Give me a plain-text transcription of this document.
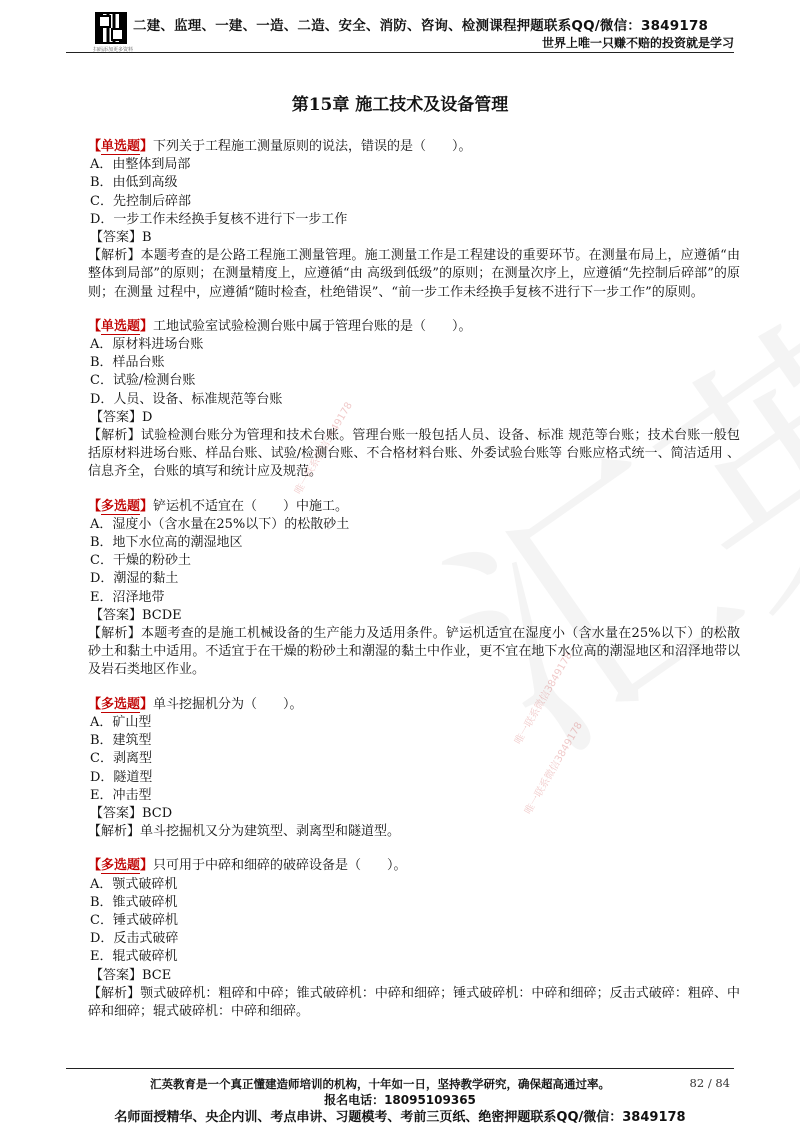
唯一联系微信3849178
唯一联系微信3849178
唯一联系微信3849178
扫码添加更多资料
二建、监理、一建、一造、二造、安全、消防、咨询、检测课程押题联系QQ/微信：3849178
世界上唯一只赚不赔的投资就是学习
第15章 施工技术及设备管理
【单选题】下列关于工程施工测量原则的说法，错误的是（　　）。
A．由整体到局部
B．由低到高级
C．先控制后碎部
D．一步工作未经换手复核不进行下一步工作
【答案】B
【解析】本题考查的是公路工程施工测量管理。施工测量工作是工程建设的重要环节。在测量布局上，应遵循“由整体到局部”的原则；在测量精度上，应遵循“由 高级到低级”的原则；在测量次序上，应遵循“先控制后碎部”的原则；在测量 过程中，应遵循“随时检查，杜绝错误”、“前一步工作未经换手复核不进行下一步工作”的原则。
【单选题】工地试验室试验检测台账中属于管理台账的是（　　）。
A．原材料进场台账
B．样品台账
C．试验/检测台账
D．人员、设备、标准规范等台账
【答案】D
【解析】试验检测台账分为管理和技术台账。管理台账一般包括人员、设备、标准 规范等台账；技术台账一般包括原材料进场台账、样品台账、试验/检测台账、不合格材料台账、外委试验台账等 台账应格式统一、简洁适用 、信息齐全，台账的填写和统计应及规范。
【多选题】铲运机不适宜在（　　）中施工。
A．湿度小（含水量在25%以下）的松散砂土
B．地下水位高的潮湿地区
C．干燥的粉砂土
D．潮湿的黏土
E．沼泽地带
【答案】BCDE
【解析】本题考查的是施工机械设备的生产能力及适用条件。铲运机适宜在湿度小（含水量在25%以下）的松散砂土和黏土中适用。不适宜于在干燥的粉砂土和潮湿的黏土中作业，更不宜在地下水位高的潮湿地区和沼泽地带以及岩石类地区作业。
【多选题】单斗挖掘机分为（　　）。
A．矿山型
B．建筑型
C．剥离型
D．隧道型
E．冲击型
【答案】BCD
【解析】单斗挖掘机又分为建筑型、剥离型和隧道型。
【多选题】只可用于中碎和细碎的破碎设备是（　　）。
A．颚式破碎机
B．锥式破碎机
C．锤式破碎机
D．反击式破碎
E．辊式破碎机
【答案】BCE
【解析】颚式破碎机：粗碎和中碎；锥式破碎机：中碎和细碎；锤式破碎机：中碎和细碎；反击式破碎：粗碎、中碎和细碎；辊式破碎机：中碎和细碎。
汇英教育是一个真正懂建造师培训的机构，十年如一日，坚持教学研究，确保超高通过率。	82 / 84
报名电话：18095109365
名师面授精华、央企内训、考点串讲、习题模考、考前三页纸、绝密押题联系QQ/微信：3849178
